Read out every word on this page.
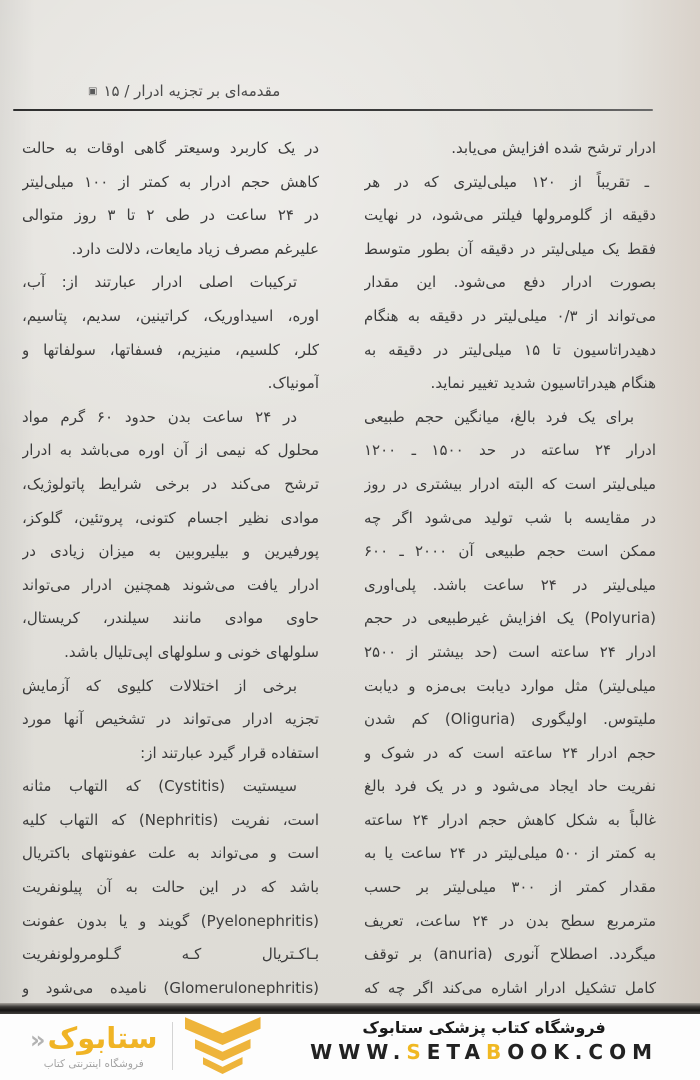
مقدمه‌ای بر تجزیه ادرار / ۱۵▣
ادرار ترشح شده افزایش می‌یابد.
ـ تقریباً از ۱۲۰ میلی‌لیتری که در هر
دقیقه از گلومرولها فیلتر می‌شود، در نهایت
فقط یک میلی‌لیتر در دقیقه آن بطور متوسط
بصورت ادرار دفع می‌شود. این مقدار
می‌تواند از ۰/۳ میلی‌لیتر در دقیقه به هنگام
دهیدراتاسیون تا ۱۵ میلی‌لیتر در دقیقه به
هنگام هیدراتاسیون شدید تغییر نماید.
برای یک فرد بالغ، میانگین حجم طبیعی
ادرار ۲۴ ساعته در حد ۱۵۰۰ ـ ۱۲۰۰
میلی‌لیتر است که البته ادرار بیشتری در روز
در مقایسه با شب تولید می‌شود اگر چه
ممکن است حجم طبیعی آن ۲۰۰۰ ـ ۶۰۰
میلی‌لیتر در ۲۴ ساعت باشد. پلی‌اوری
(Polyuria) یک افزایش غیرطبیعی در حجم
ادرار ۲۴ ساعته است (حد بیشتر از ۲۵۰۰
میلی‌لیتر) مثل موارد دیابت بی‌مزه و دیابت
ملیتوس. اولیگوری (Oliguria) کم شدن
حجم ادرار ۲۴ ساعته است که در شوک و
نفریت حاد ایجاد می‌شود و در یک فرد بالغ
غالباً به شکل کاهش حجم ادرار ۲۴ ساعته
به کمتر از ۵۰۰ میلی‌لیتر در ۲۴ ساعت یا به
مقدار کمتر از ۳۰۰ میلی‌لیتر بر حسب
مترمربع سطح بدن در ۲۴ ساعت، تعریف
میگردد. اصطلاح آنوری (anuria) بر توقف
کامل تشکیل ادرار اشاره می‌کند اگر چه که
در یک کاربرد وسیعتر گاهی اوقات به حالت
کاهش حجم ادرار به کمتر از ۱۰۰ میلی‌لیتر
در ۲۴ ساعت در طی ۲ تا ۳ روز متوالی
علیرغم مصرف زیاد مایعات، دلالت دارد.
ترکیبات اصلی ادرار عبارتند از: آب،
اوره، اسیداوریک، کراتینین، سدیم، پتاسیم،
کلر، کلسیم، منیزیم، فسفاتها، سولفاتها و
آمونیاک.
در ۲۴ ساعت بدن حدود ۶۰ گرم مواد
محلول که نیمی از آن اوره می‌باشد به ادرار
ترشح می‌کند در برخی شرایط پاتولوژیک،
موادی نظیر اجسام کتونی، پروتئین، گلوکز،
پورفیرین و بیلیروبین به میزان زیادی در
ادرار یافت می‌شوند همچنین ادرار می‌تواند
حاوی موادی مانند سیلندر، کریستال،
سلولهای خونی و سلولهای اپی‌تلیال باشد.
برخی از اختلالات کلیوی که آزمایش
تجزیه ادرار می‌تواند در تشخیص آنها مورد
استفاده قرار گیرد عبارتند از:
سیستیت (Cystitis) که التهاب مثانه
است، نفریت (Nephritis) که التهاب کلیه
است و می‌تواند به علت عفونتهای باکتریال
باشد که در این حالت به آن پیلونفریت
(Pyelonephritis) گویند و یا بدون عفونت
بـاکـتریال کـه گـلومرولونفریت
(Glomerulonephritis) نامیده می‌شود و
فروشگاه کتاب پزشکی ستابوک
WWW.SETABOOK.COM
ستابوک«
فروشگاه اینترنتی کتاب
